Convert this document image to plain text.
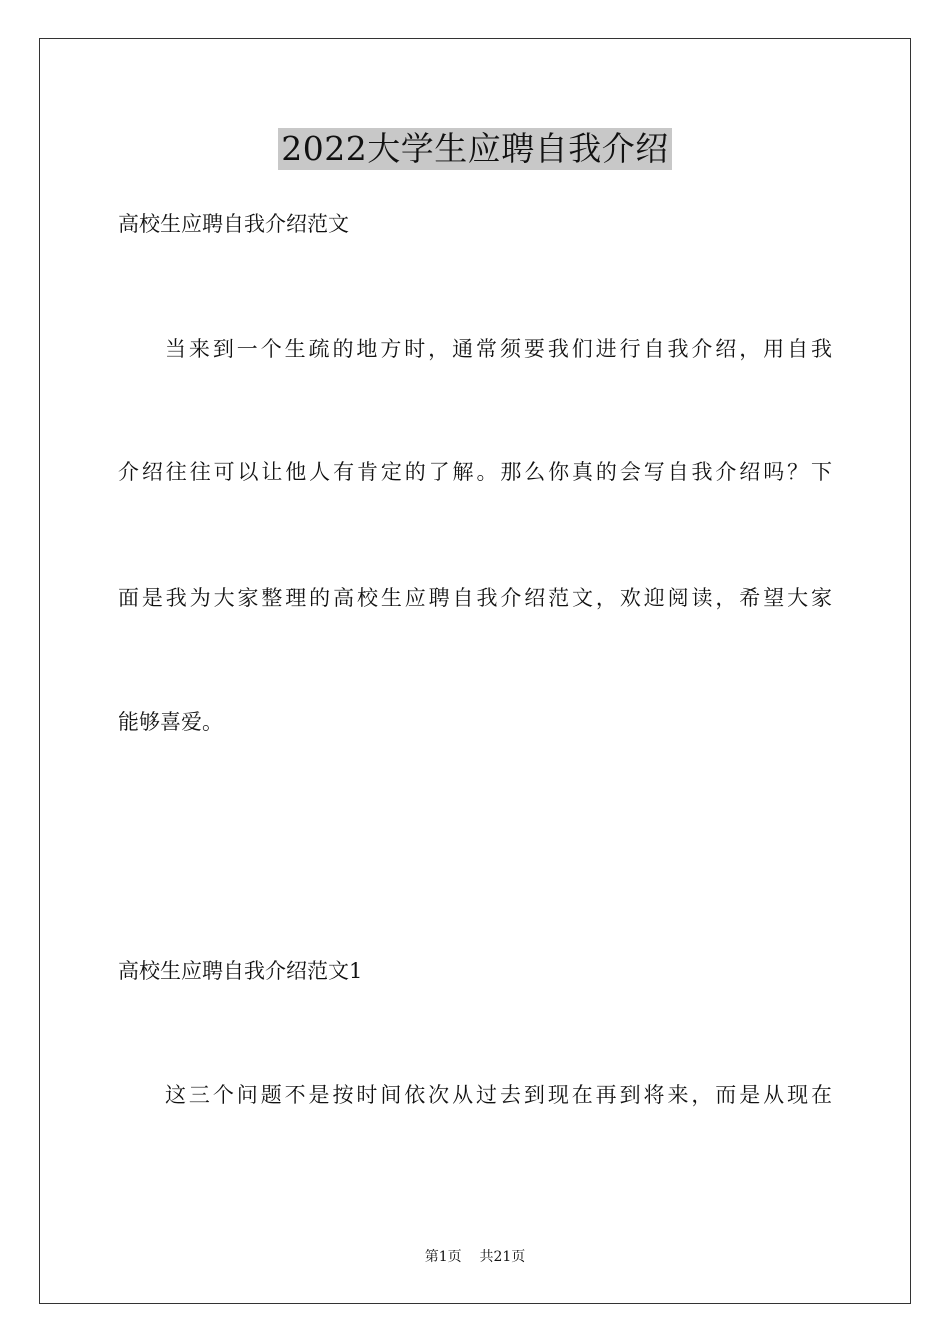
2022大学生应聘自我介绍
高校生应聘自我介绍范文
当来到一个生疏的地方时，通常须要我们进行自我介绍，用自我
介绍往往可以让他人有肯定的了解。那么你真的会写自我介绍吗？下
面是我为大家整理的高校生应聘自我介绍范文，欢迎阅读，希望大家
能够喜爱。
高校生应聘自我介绍范文1
这三个问题不是按时间依次从过去到现在再到将来，而是从现在
第1页 共21页
